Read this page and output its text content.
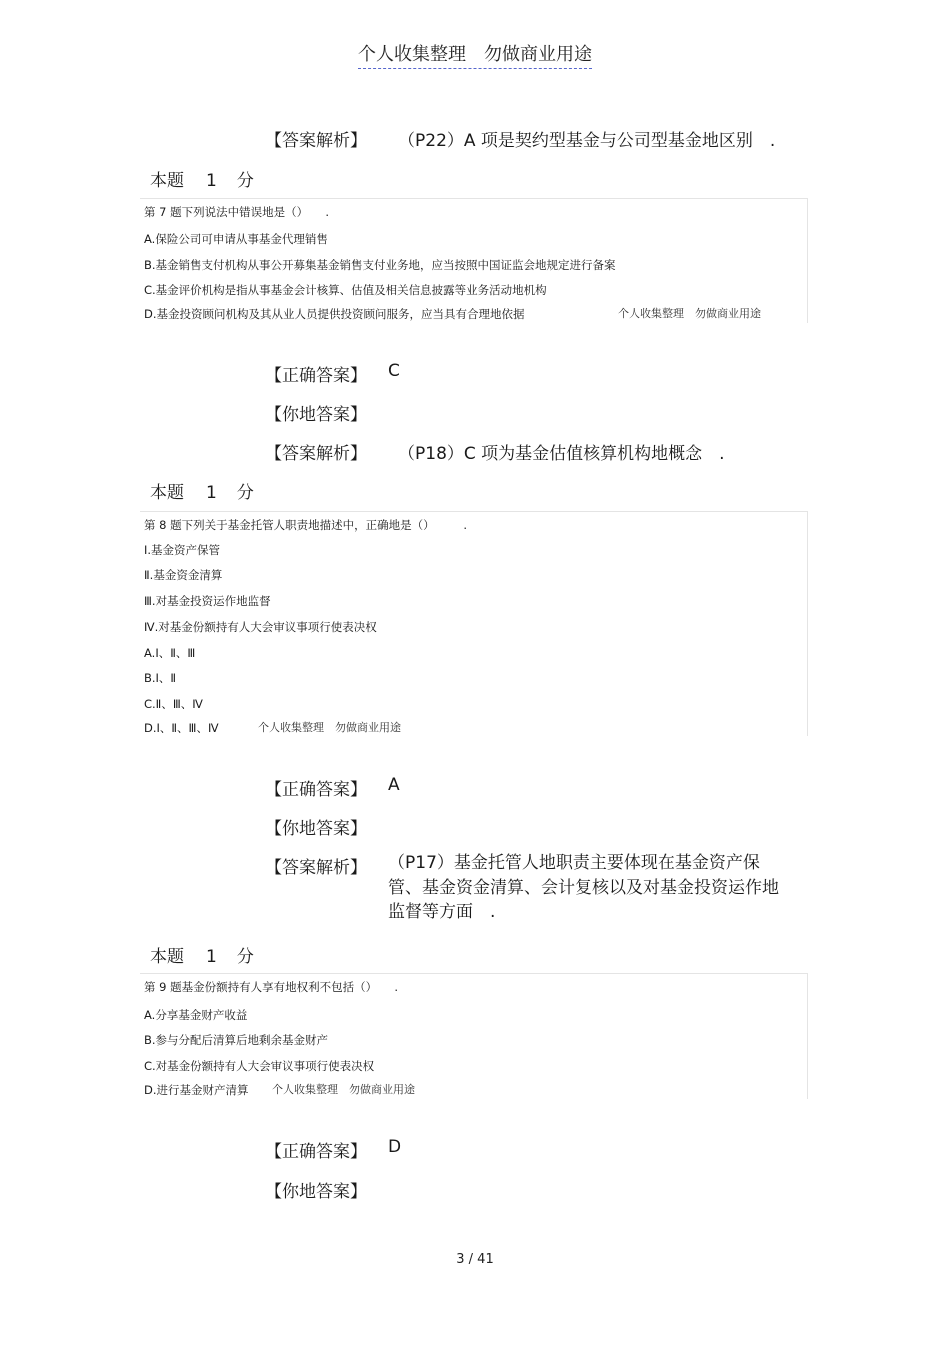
个人收集整理　勿做商业用途
【答案解析】 （P22）A 项是契约型基金与公司型基金地区别　.
本题 1 分
第 7 题下列说法中错误地是（）　　.
A.保险公司可申请从事基金代理销售
B.基金销售支付机构从事公开募集基金销售支付业务地，应当按照中国证监会地规定进行备案
C.基金评价机构是指从事基金会计核算、估值及相关信息披露等业务活动地机构
D.基金投资顾问机构及其从业人员提供投资顾问服务，应当具有合理地依据	个人收集整理　勿做商业用途
【正确答案】 C
【你地答案】
【答案解析】 （P18）C 项为基金估值核算机构地概念　.
本题 1 分
第 8 题下列关于基金托管人职责地描述中，正确地是（）　　　.
Ⅰ.基金资产保管
Ⅱ.基金资金清算
Ⅲ.对基金投资运作地监督
Ⅳ.对基金份额持有人大会审议事项行使表决权
A.Ⅰ、Ⅱ、Ⅲ
B.Ⅰ、Ⅱ
C.Ⅱ、Ⅲ、Ⅳ
D.Ⅰ、Ⅱ、Ⅲ、Ⅳ	个人收集整理　勿做商业用途
【正确答案】 A
【你地答案】
【答案解析】 （P17）基金托管人地职责主要体现在基金资产保管、基金资金清算、会计复核以及对基金投资运作地监督等方面　.
本题 1 分
第 9 题基金份额持有人享有地权利不包括（）　　.
A.分享基金财产收益
B.参与分配后清算后地剩余基金财产
C.对基金份额持有人大会审议事项行使表决权
D.进行基金财产清算 个人收集整理　勿做商业用途
【正确答案】 D
【你地答案】
3 / 41
